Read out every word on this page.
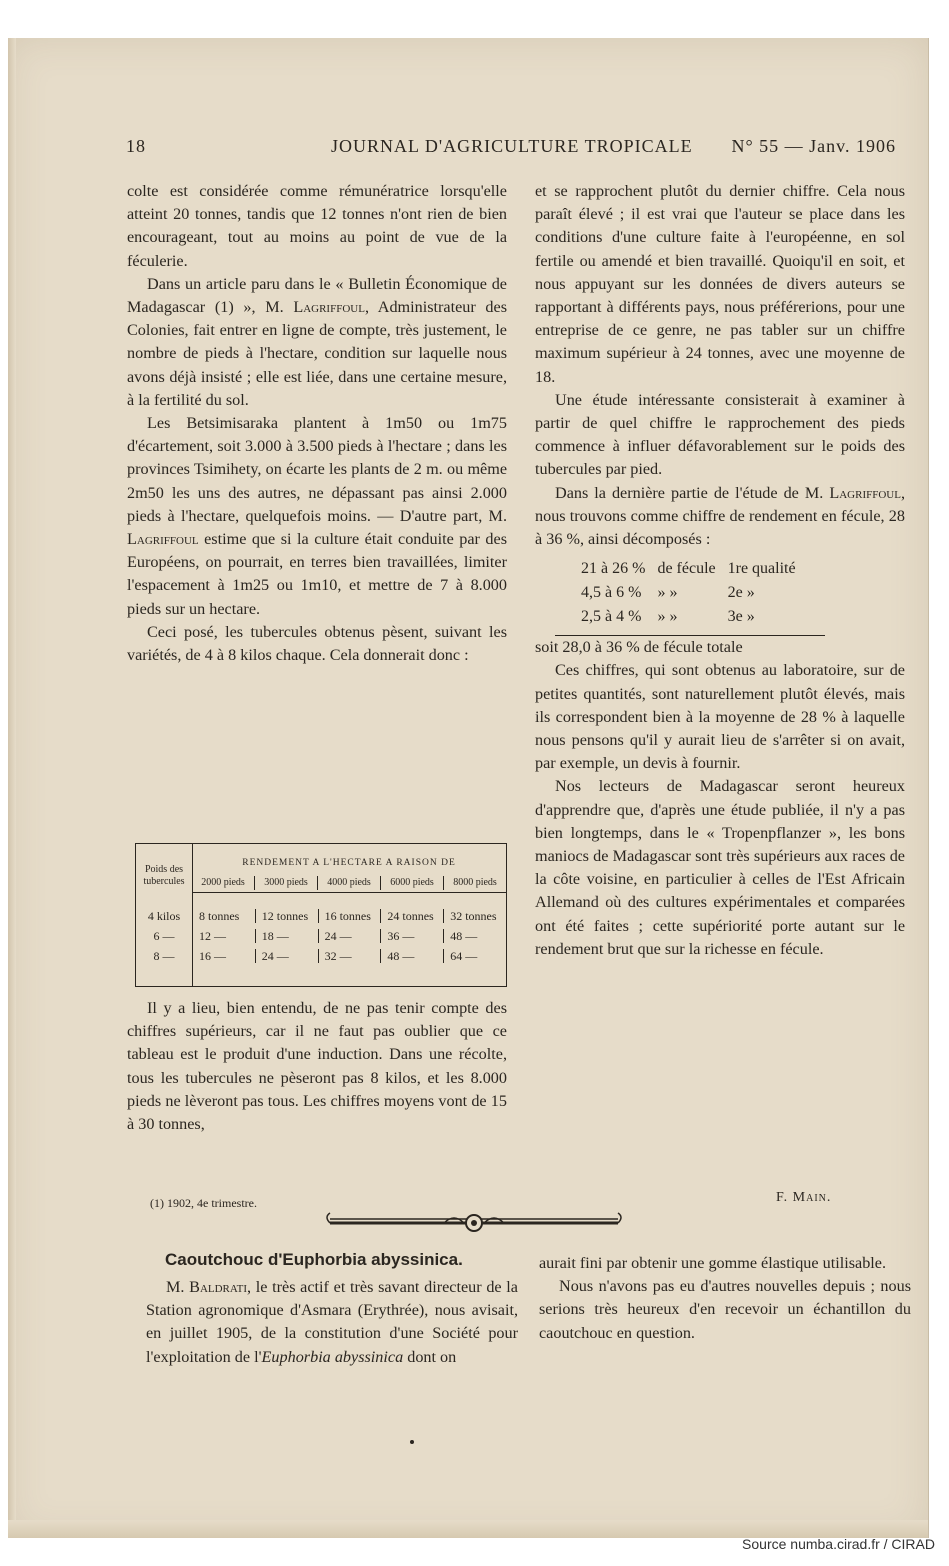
18	JOURNAL D'AGRICULTURE TROPICALE N° 55 — Janv. 1906

colte est considérée comme rémunératrice lorsqu'elle atteint 20 tonnes, tandis que 12 tonnes n'ont rien de bien encourageant, tout au moins au point de vue de la féculerie.

Dans un article paru dans le « Bulletin Économique de Madagascar (1) », M. Lagriffoul, Administrateur des Colonies, fait entrer en ligne de compte, très justement, le nombre de pieds à l'hectare, condition sur laquelle nous avons déjà insisté ; elle est liée, dans une certaine mesure, à la fertilité du sol.

Les Betsimisaraka plantent à 1m50 ou 1m75 d'écartement, soit 3.000 à 3.500 pieds à l'hectare ; dans les provinces Tsimihety, on écarte les plants de 2 m. ou même 2m50 les uns des autres, ne dépassant pas ainsi 2.000 pieds à l'hectare, quelquefois moins. — D'autre part, M. Lagriffoul estime que si la culture était conduite par des Européens, on pourrait, en terres bien travaillées, limiter l'espacement à 1m25 ou 1m10, et mettre de 7 à 8.000 pieds sur un hectare.

Ceci posé, les tubercules obtenus pèsent, suivant les variétés, de 4 à 8 kilos chaque. Cela donnerait donc :

Poids des tubercules
RENDEMENT A L'HECTARE A RAISON DE
2000 pieds	3000 pieds	4000 pieds	6000 pieds	8000 pieds
4 kilos	8 tonnes	12 tonnes	16 tonnes	24 tonnes	32 tonnes
6 —	12 —	18 —	24 —	36 —	48 —
8 —	16 —	24 —	32 —	48 —	64 —

Il y a lieu, bien entendu, de ne pas tenir compte des chiffres supérieurs, car il ne faut pas oublier que ce tableau est le produit d'une induction. Dans une récolte, tous les tubercules ne pèseront pas 8 kilos, et les 8.000 pieds ne lèveront pas tous. Les chiffres moyens vont de 15 à 30 tonnes,

(1) 1902, 4e trimestre.

et se rapprochent plutôt du dernier chiffre. Cela nous paraît élevé ; il est vrai que l'auteur se place dans les conditions d'une culture faite à l'européenne, en sol fertile ou amendé et bien travaillé. Quoiqu'il en soit, et nous appuyant sur les données de divers auteurs se rapportant à différents pays, nous préférerions, pour une entreprise de ce genre, ne pas tabler sur un chiffre maximum supérieur à 24 tonnes, avec une moyenne de 18.

Une étude intéressante consisterait à examiner à partir de quel chiffre le rapprochement des pieds commence à influer défavorablement sur le poids des tubercules par pied.

Dans la dernière partie de l'étude de M. Lagriffoul, nous trouvons comme chiffre de rendement en fécule, 28 à 36 %, ainsi décomposés :

21 à 26 %	de fécule	1re qualité
4,5 à 6 %	» »	2e »
2,5 à 4 %	» »	3e »

soit 28,0 à 36 % de fécule totale

Ces chiffres, qui sont obtenus au laboratoire, sur de petites quantités, sont naturellement plutôt élevés, mais ils correspondent bien à la moyenne de 28 % à laquelle nous pensons qu'il y aurait lieu de s'arrêter si on avait, par exemple, un devis à fournir.

Nos lecteurs de Madagascar seront heureux d'apprendre que, d'après une étude publiée, il n'y a pas bien longtemps, dans le « Tropenpflanzer », les bons maniocs de Madagascar sont très supérieurs aux races de la côte voisine, en particulier à celles de l'Est Africain Allemand où des cultures expérimentales et comparées ont été faites ; cette supériorité porte autant sur le rendement brut que sur la richesse en fécule.

F. Main.
Caoutchouc d'Euphorbia abyssinica.

M. Baldrati, le très actif et très savant directeur de la Station agronomique d'Asmara (Erythrée), nous avisait, en juillet 1905, de la constitution d'une Société pour l'exploitation de l'Euphorbia abyssinica dont on

aurait fini par obtenir une gomme élastique utilisable.

Nous n'avons pas eu d'autres nouvelles depuis ; nous serions très heureux d'en recevoir un échantillon du caoutchouc en question.

Source numba.cirad.fr / CIRAD
